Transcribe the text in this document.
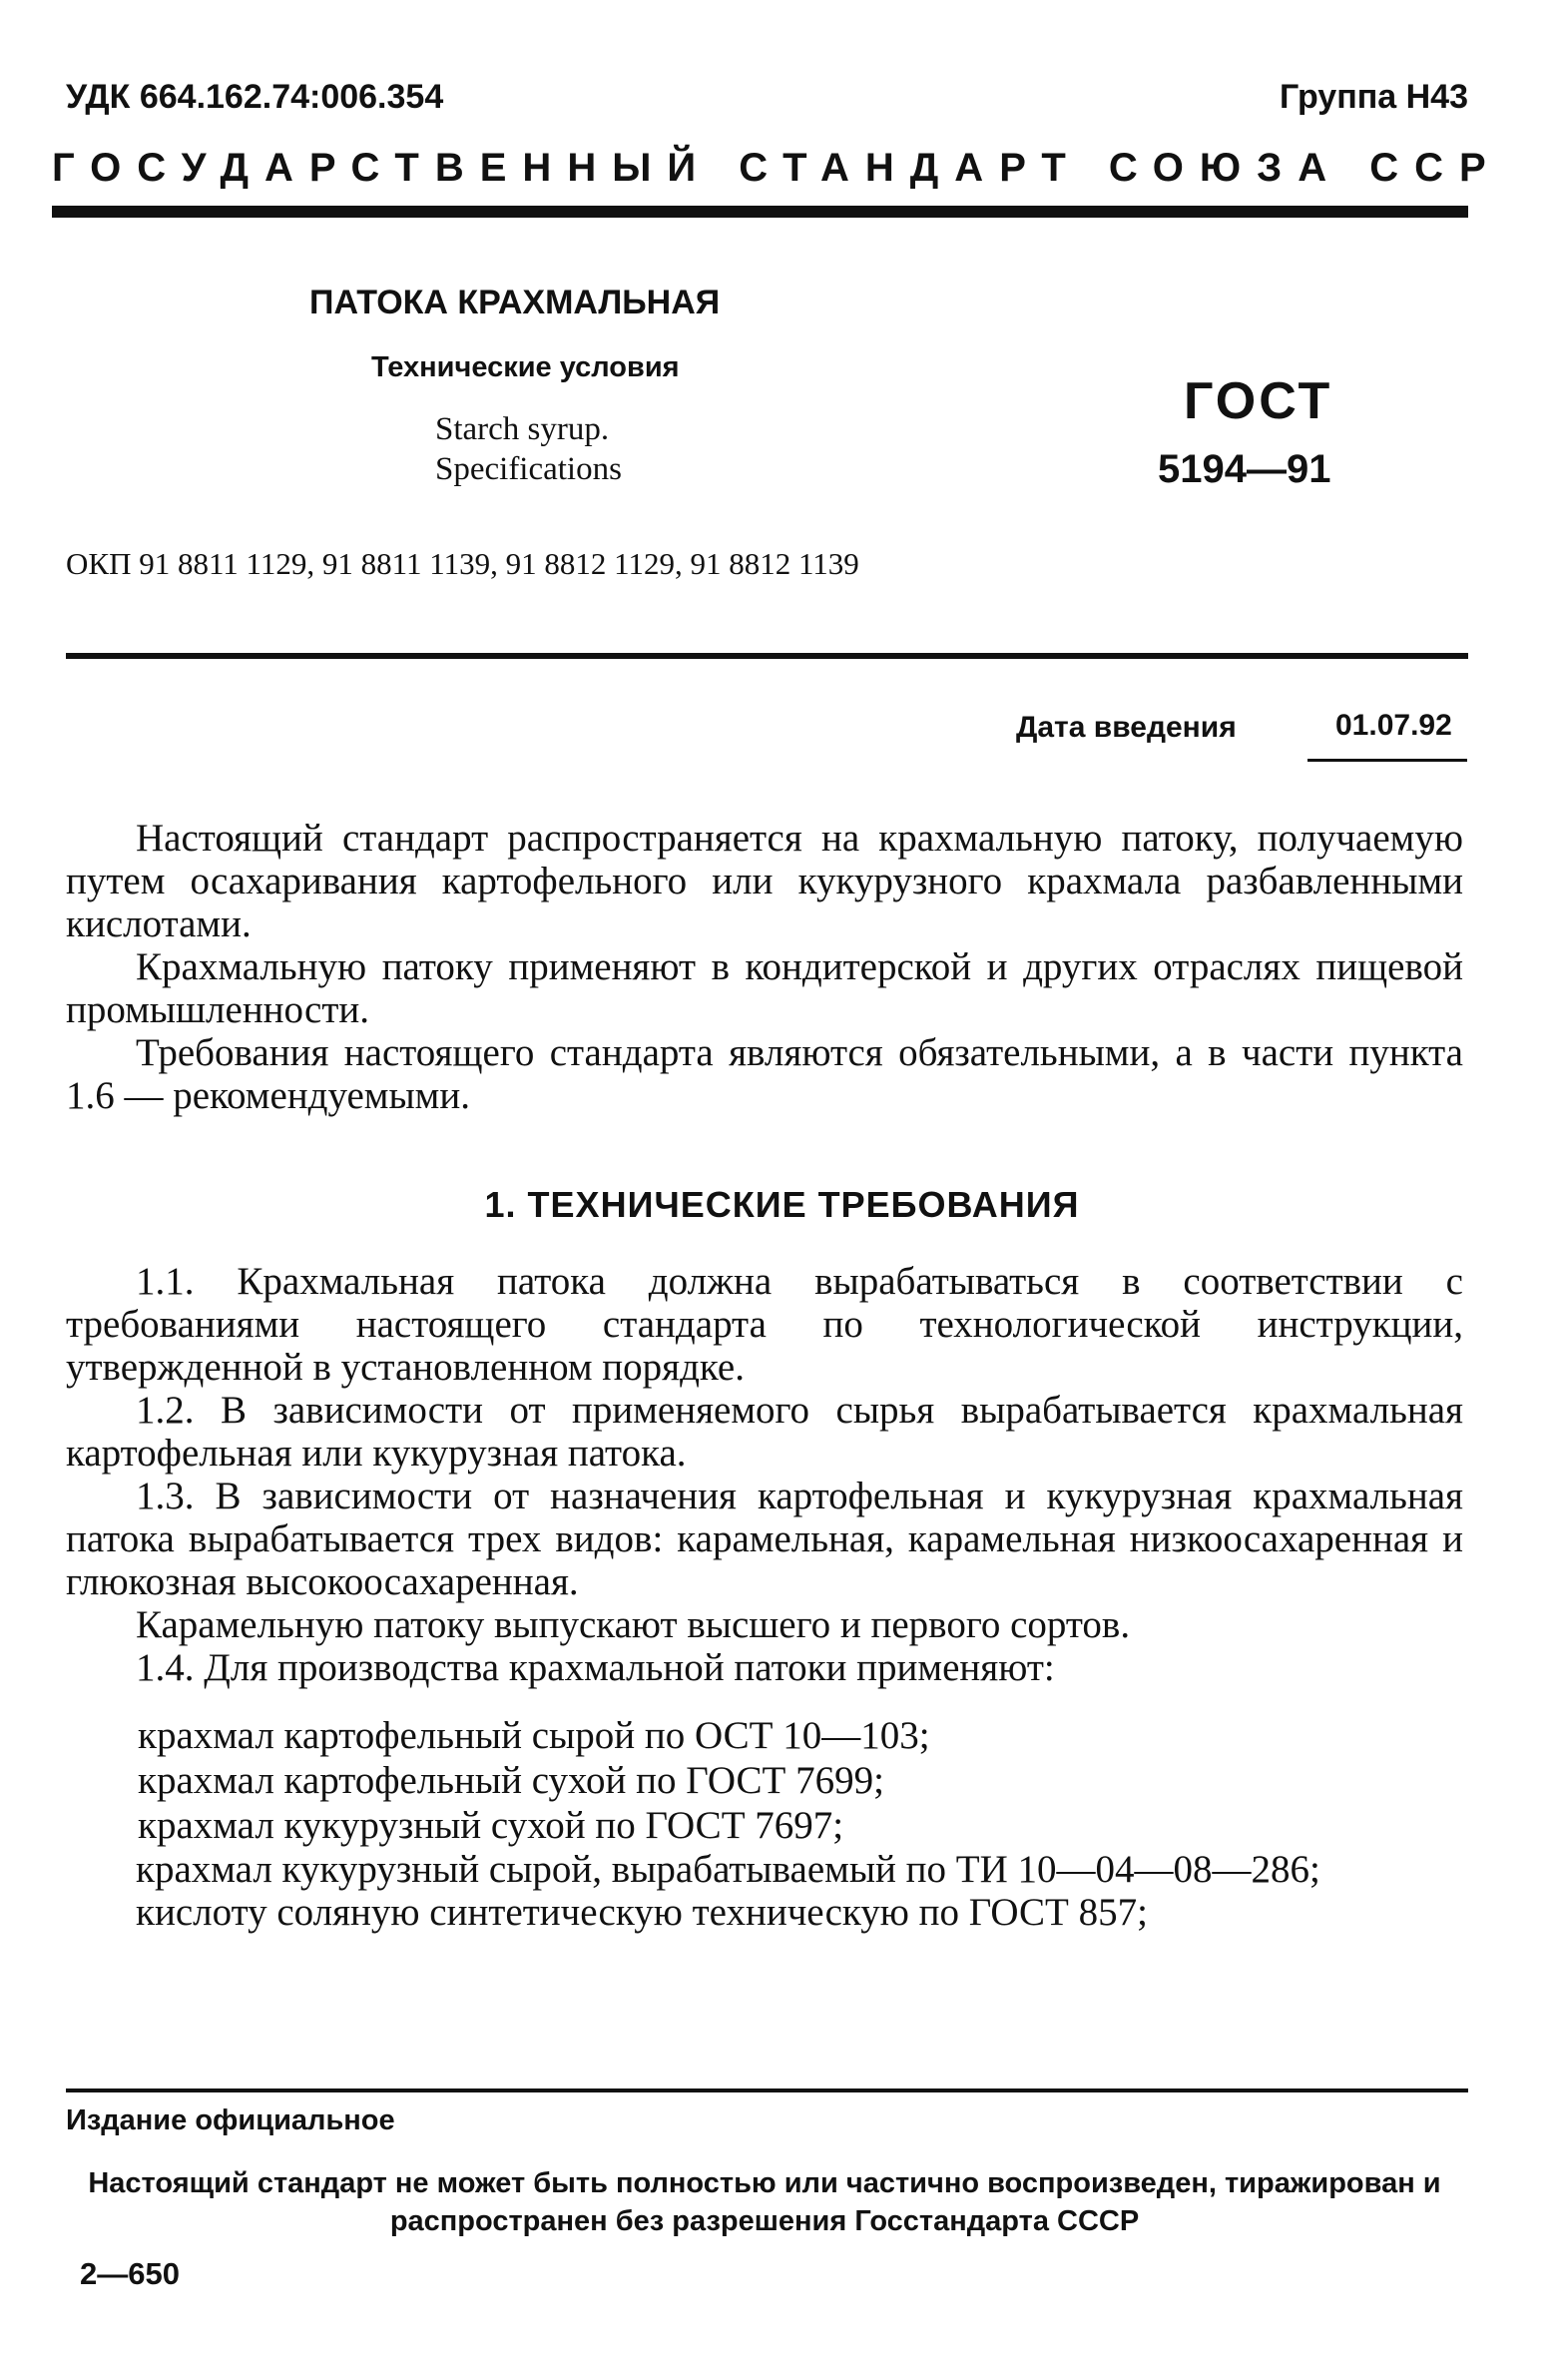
УДК 664.162.74:006.354	Группа Н43
ГОСУДАРСТВЕННЫЙ СТАНДАРТ СОЮЗА ССР
ПАТОКА КРАХМАЛЬНАЯ
Технические условия
Starch syrup.
Specifications
ГОСТ
5194—91
ОКП 91 8811 1129, 91 8811 1139, 91 8812 1129, 91 8812 1139
Дата введения	01.07.92

Настоящий стандарт распространяется на крахмальную патоку, получаемую путем осахаривания картофельного или кукурузного крахмала разбавленными кислотами.

Крахмальную патоку применяют в кондитерской и других отраслях пищевой промышленности.

Требования настоящего стандарта являются обязательными, а в части пункта 1.6 — рекомендуемыми.

1. ТЕХНИЧЕСКИЕ ТРЕБОВАНИЯ

1.1. Крахмальная патока должна вырабатываться в соответствии с требованиями настоящего стандарта по технологической инструкции, утвержденной в установленном порядке.

1.2. В зависимости от применяемого сырья вырабатывается крахмальная картофельная или кукурузная патока.

1.3. В зависимости от назначения картофельная и кукурузная крахмальная патока вырабатывается трех видов: карамельная, карамельная низкоосахаренная и глюкозная высокоосахаренная.

Карамельную патоку выпускают высшего и первого сортов.

1.4. Для производства крахмальной патоки применяют:

крахмал картофельный сырой по ОСТ 10—103;
крахмал картофельный сухой по ГОСТ 7699;
крахмал кукурузный сухой по ГОСТ 7697;

крахмал кукурузный сырой, вырабатываемый по ТИ 10—04—08—286;

кислоту соляную синтетическую техническую по ГОСТ 857;

Издание официальное
Настоящий стандарт не может быть полностью или частично воспроизведен, тиражирован и распространен без разрешения Госстандарта СССР
2—650
